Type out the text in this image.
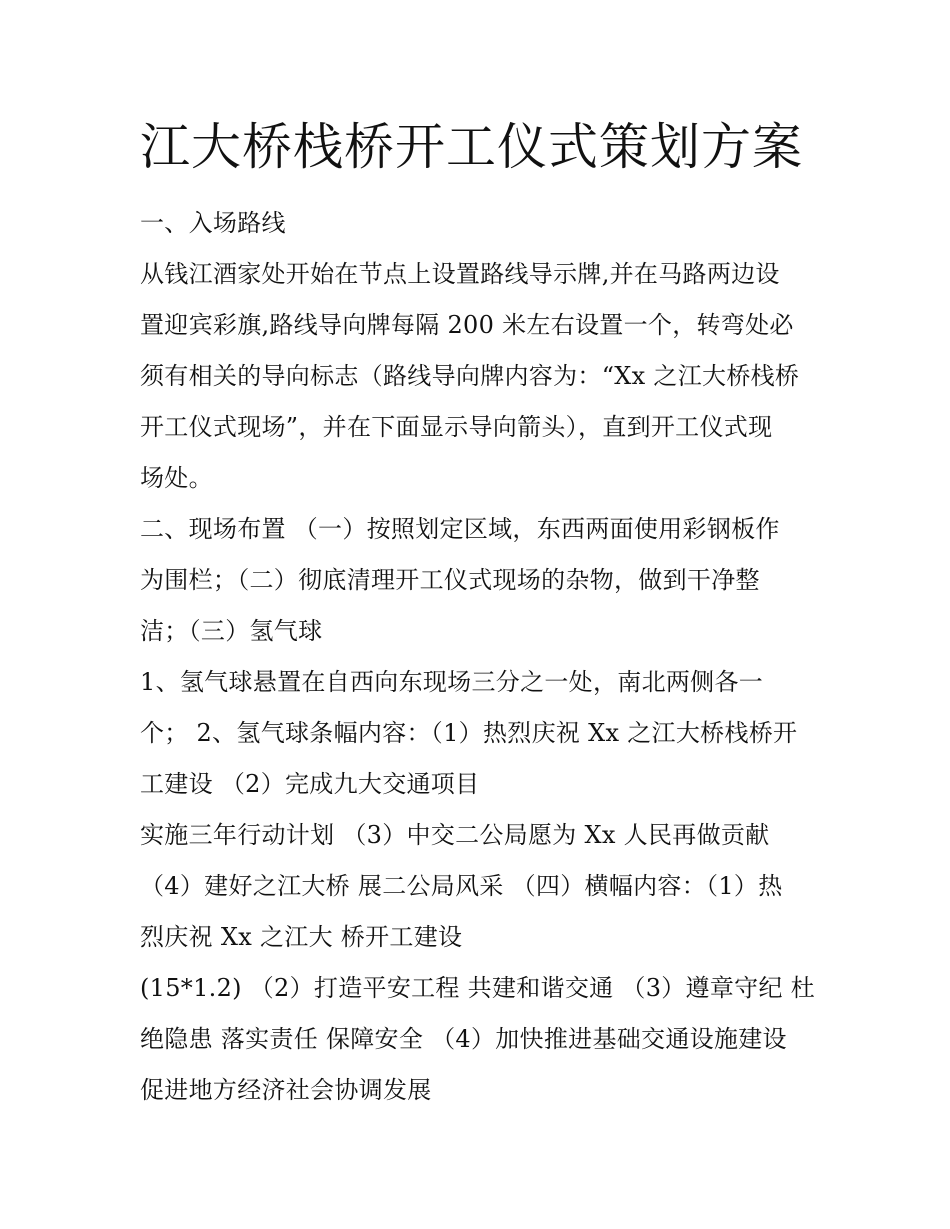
江大桥栈桥开工仪式策划方案
一、入场路线
从钱江酒家处开始在节点上设置路线导示牌,并在马路两边设
置迎宾彩旗,路线导向牌每隔 200 米左右设置一个，转弯处必
须有相关的导向标志（路线导向牌内容为：“Xx 之江大桥栈桥
开工仪式现场”，并在下面显示导向箭头），直到开工仪式现
场处。
二、现场布置 （一）按照划定区域，东西两面使用彩钢板作
为围栏；（二）彻底清理开工仪式现场的杂物，做到干净整
洁；（三）氢气球
1、氢气球悬置在自西向东现场三分之一处，南北两侧各一
个； 2、氢气球条幅内容：（1）热烈庆祝 Xx 之江大桥栈桥开
工建设 （2）完成九大交通项目
实施三年行动计划 （3）中交二公局愿为 Xx 人民再做贡献
（4）建好之江大桥 展二公局风采 （四）横幅内容：（1）热
烈庆祝 Xx 之江大 桥开工建设
(15*1.2) （2）打造平安工程 共建和谐交通 （3）遵章守纪 杜
绝隐患 落实责任 保障安全 （4）加快推进基础交通设施建设
促进地方经济社会协调发展
